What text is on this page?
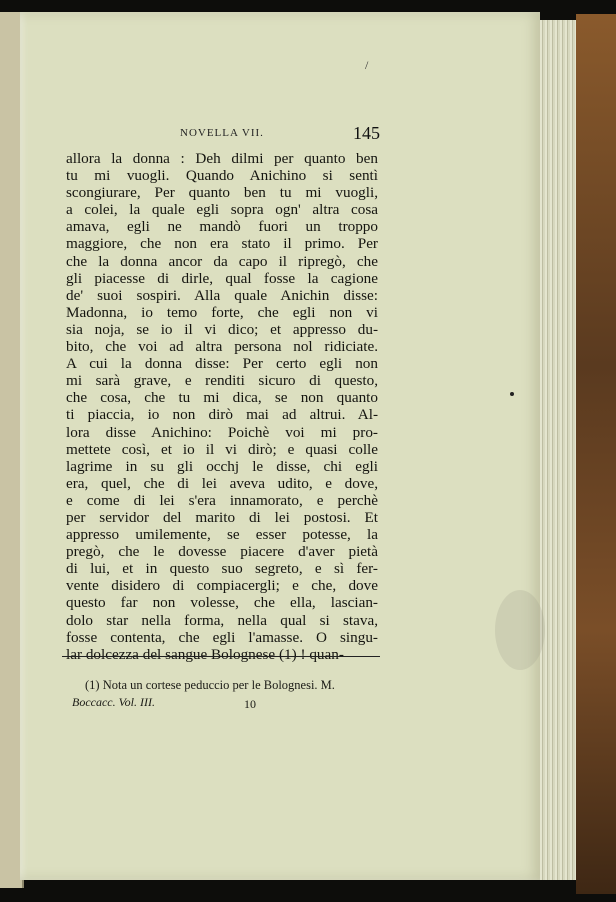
/
NOVELLA VII.	145
allora la donna : Deh dilmi per quanto ben
tu mi vuogli. Quando Anichino si sentì
scongiurare, Per quanto ben tu mi vuogli,
a colei, la quale egli sopra ogn' altra cosa
amava, egli ne mandò fuori un troppo
maggiore, che non era stato il primo. Per
che la donna ancor da capo il ripregò, che
gli piacesse di dirle, qual fosse la cagione
de' suoi sospiri. Alla quale Anichin disse:
Madonna, io temo forte, che egli non vi
sia noja, se io il vi dico; et appresso du-
bito, che voi ad altra persona nol ridiciate.
A cui la donna disse: Per certo egli non
mi sarà grave, e renditi sicuro di questo,
che cosa, che tu mi dica, se non quanto
ti piaccia, io non dirò mai ad altrui. Al-
lora disse Anichino: Poichè voi mi pro-
mettete così, et io il vi dirò; e quasi colle
lagrime in su gli occhj le disse, chi egli
era, quel, che di lei aveva udito, e dove,
e come di lei s'era innamorato, e perchè
per servidor del marito di lei postosi. Et
appresso umilemente, se esser potesse, la
pregò, che le dovesse piacere d'aver pietà
di lui, et in questo suo segreto, e sì fer-
vente disidero di compiacergli; e che, dove
questo far non volesse, che ella, lascian-
dolo star nella forma, nella qual si stava,
fosse contenta, che egli l'amasse. O singu-
lar dolcezza del sangue Bolognese (1) ! quan-
(1) Nota un cortese peduccio per le Bolognesi. M.
Boccacc. Vol. III.	10
